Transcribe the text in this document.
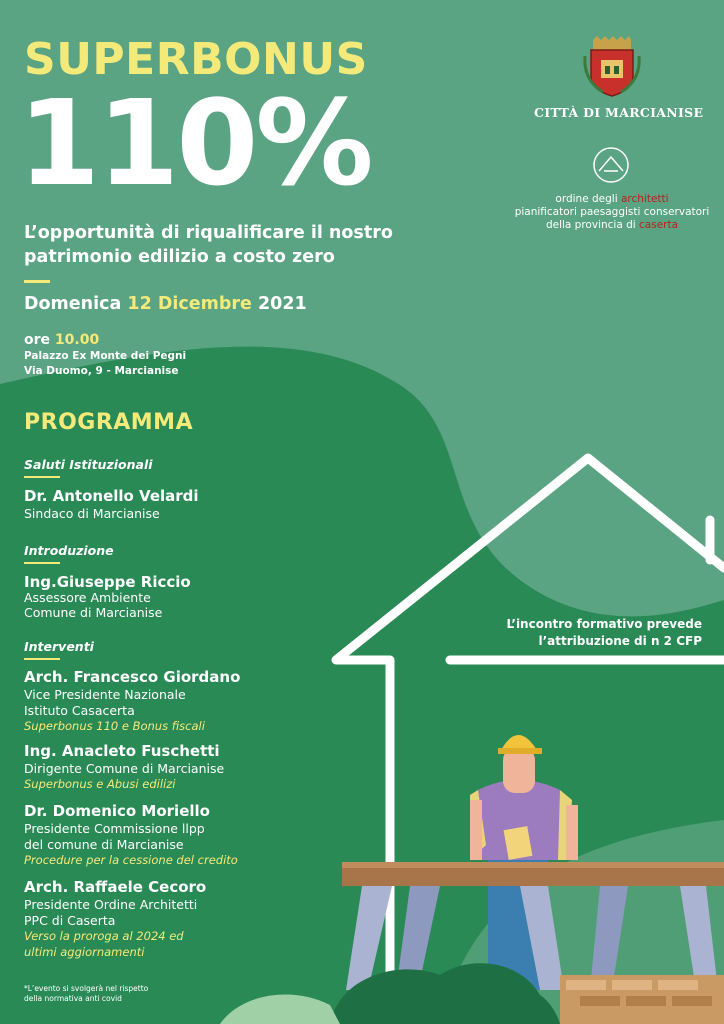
SUPERBONUS
110%
L’opportunità di riqualificare il nostro patrimonio edilizio a costo zero
Domenica 12 Dicembre 2021
ore 10.00
Palazzo Ex Monte dei Pegni
Via Duomo, 9 - Marcianise
PROGRAMMA
Saluti Istituzionali
Dr. Antonello Velardi
Sindaco di Marcianise
Introduzione
Ing.Giuseppe Riccio
Assessore Ambiente
Comune di Marcianise
Interventi
Arch. Francesco Giordano
Vice Presidente Nazionale
Istituto Casacerta
Superbonus 110 e Bonus fiscali
Ing. Anacleto Fuschetti
Dirigente Comune di Marcianise
Superbonus e Abusi edilizi
Dr. Domenico Moriello
Presidente Commissione llpp
del comune di Marcianise
Procedure per la cessione del credito
Arch. Raffaele Cecoro
Presidente Ordine Architetti
PPC di Caserta
Verso la proroga al 2024 ed
ultimi aggiornamenti
L’incontro formativo prevede
l’attribuzione di n 2 CFP
*L’evento si svolgerà nel rispetto
della normativa anti covid
CITTÀ DI MARCIANISE
ordine degli architetti
pianificatori paesaggisti conservatori
della provincia di caserta
